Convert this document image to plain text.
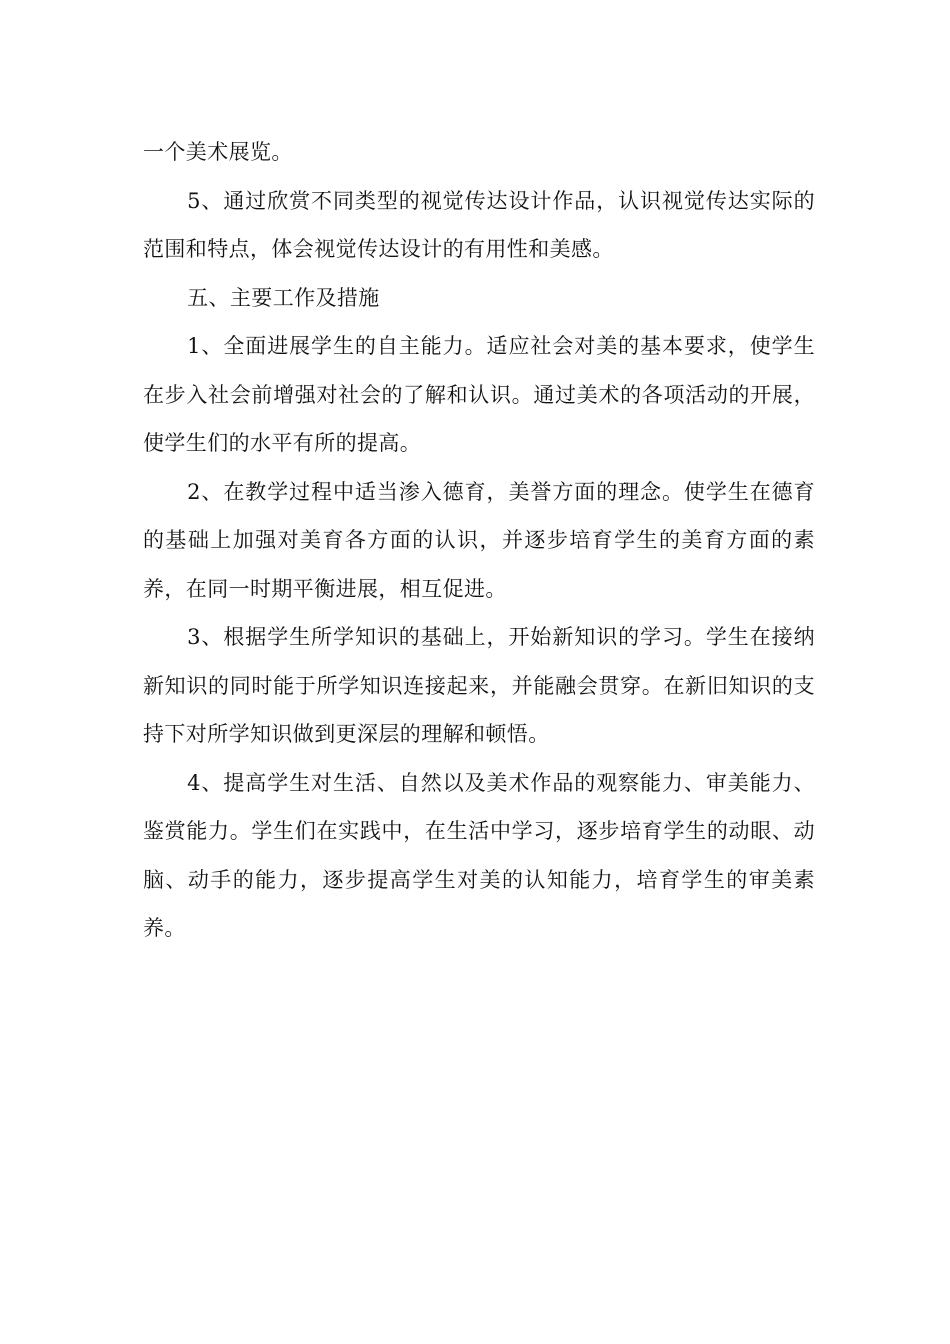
一个美术展览。

5、通过欣赏不同类型的视觉传达设计作品，认识视觉传达实际的范围和特点，体会视觉传达设计的有用性和美感。

五、主要工作及措施

1、全面进展学生的自主能力。适应社会对美的基本要求，使学生在步入社会前增强对社会的了解和认识。通过美术的各项活动的开展，使学生们的水平有所的提高。

2、在教学过程中适当渗入德育，美誉方面的理念。使学生在德育的基础上加强对美育各方面的认识，并逐步培育学生的美育方面的素养，在同一时期平衡进展，相互促进。

3、根据学生所学知识的基础上，开始新知识的学习。学生在接纳新知识的同时能于所学知识连接起来，并能融会贯穿。在新旧知识的支持下对所学知识做到更深层的理解和顿悟。

4、提高学生对生活、自然以及美术作品的观察能力、审美能力、鉴赏能力。学生们在实践中，在生活中学习，逐步培育学生的动眼、动脑、动手的能力，逐步提高学生对美的认知能力，培育学生的审美素养。
